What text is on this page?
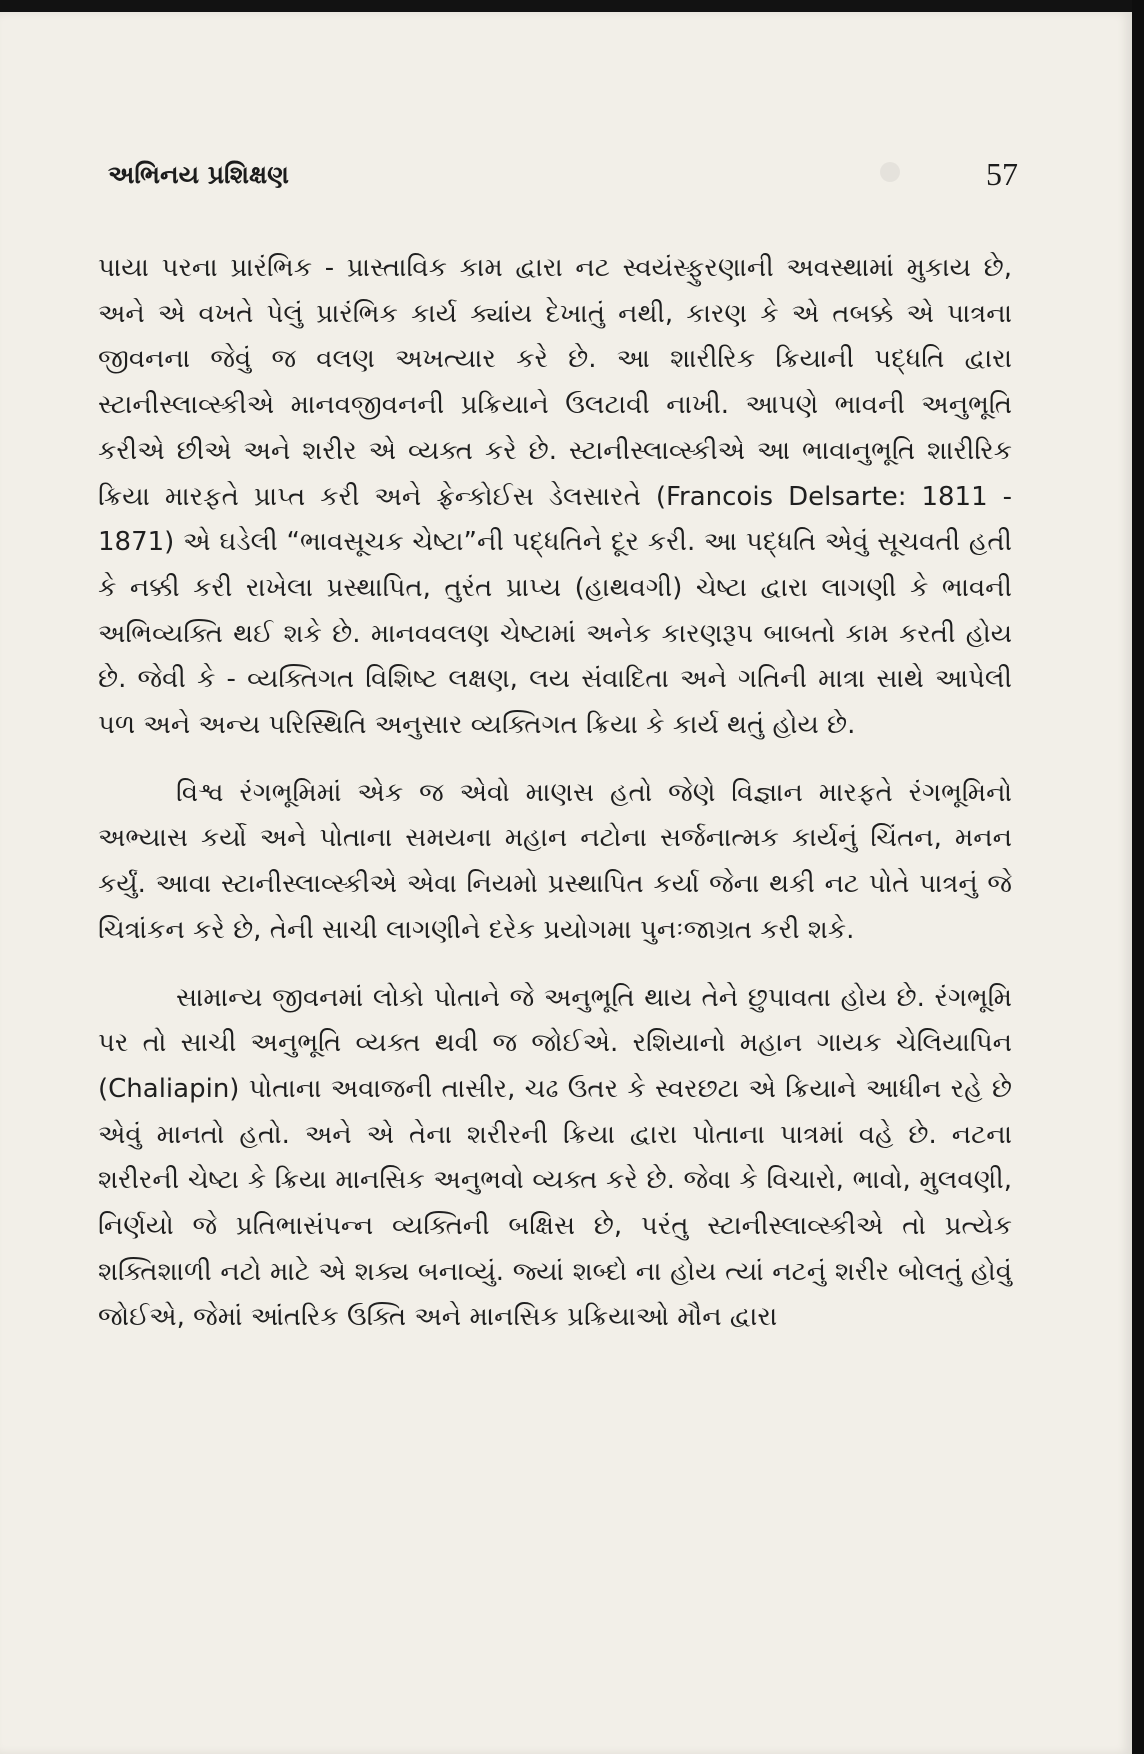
અભિનય પ્રશિક્ષણ	57

પાયા પરના પ્રારંભિક - પ્રાસ્તાવિક કામ દ્વારા નટ સ્વયંસ્ફુરણાની અવસ્થામાં મુકાય છે, અને એ વખતે પેલું પ્રારંભિક કાર્ય ક્યાંય દેખાતું નથી, કારણ કે એ તબક્કે એ પાત્રના જીવનના જેવું જ વલણ અખત્યાર કરે છે. આ શારીરિક ક્રિયાની પદ્ધતિ દ્વારા સ્ટાનીસ્લાવ્સ્કીએ માનવજીવનની પ્રક્રિયાને ઉલટાવી નાખી. આપણે ભાવની અનુભૂતિ કરીએ છીએ અને શરીર એ વ્યક્ત કરે છે. સ્ટાનીસ્લાવ્સ્કીએ આ ભાવાનુભૂતિ શારીરિક ક્રિયા મારફતે પ્રાપ્ત કરી અને ફ્રેન્કોઈસ ડેલસારતે (Francois Delsarte: 1811 - 1871) એ ઘડેલી “ભાવસૂચક ચેષ્ટા”ની પદ્ધતિને દૂર કરી. આ પદ્ધતિ એવું સૂચવતી હતી કે નક્કી કરી રાખેલા પ્રસ્થાપિત, તુરંત પ્રાપ્ય (હાથવગી) ચેષ્ટા દ્વારા લાગણી કે ભાવની અભિવ્યક્તિ થઈ શકે છે. માનવવલણ ચેષ્ટામાં અનેક કારણરૂપ બાબતો કામ કરતી હોય છે. જેવી કે - વ્યક્તિગત વિશિષ્ટ લક્ષણ, લય સંવાદિતા અને ગતિની માત્રા સાથે આપેલી પળ અને અન્ય પરિસ્થિતિ અનુસાર વ્યક્તિગત ક્રિયા કે કાર્ય થતું હોય છે.

વિશ્વ રંગભૂમિમાં એક જ એવો માણસ હતો જેણે વિજ્ઞાન મારફતે રંગભૂમિનો અભ્યાસ કર્યો અને પોતાના સમયના મહાન નટોના સર્જનાત્મક કાર્યનું ચિંતન, મનન કર્યું. આવા સ્ટાનીસ્લાવ્સ્કીએ એવા નિયમો પ્રસ્થાપિત કર્યા જેના થકી નટ પોતે પાત્રનું જે ચિત્રાંકન કરે છે, તેની સાચી લાગણીને દરેક પ્રયોગમા પુનઃજાગ્રત કરી શકે.

સામાન્ય જીવનમાં લોકો પોતાને જે અનુભૂતિ થાય તેને છુપાવતા હોય છે. રંગભૂમિ પર તો સાચી અનુભૂતિ વ્યક્ત થવી જ જોઈએ. રશિયાનો મહાન ગાયક ચેલિયાપિન (Chaliapin) પોતાના અવાજની તાસીર, ચઢ ઉતર કે સ્વરછટા એ ક્રિયાને આધીન રહે છે એવું માનતો હતો. અને એ તેના શરીરની ક્રિયા દ્વારા પોતાના પાત્રમાં વહે છે. નટના શરીરની ચેષ્ટા કે ક્રિયા માનસિક અનુભવો વ્યક્ત કરે છે. જેવા કે વિચારો, ભાવો, મુલવણી, નિર્ણયો જે પ્રતિભાસંપન્ન વ્યક્તિની બક્ષિસ છે, પરંતુ સ્ટાનીસ્લાવ્સ્કીએ તો પ્રત્યેક શક્તિશાળી નટો માટે એ શક્ય બનાવ્યું. જ્યાં શબ્દો ના હોય ત્યાં નટનું શરીર બોલતું હોવું જોઈએ, જેમાં આંતરિક ઉક્તિ અને માનસિક પ્રક્રિયાઓ મૌન દ્વારા
